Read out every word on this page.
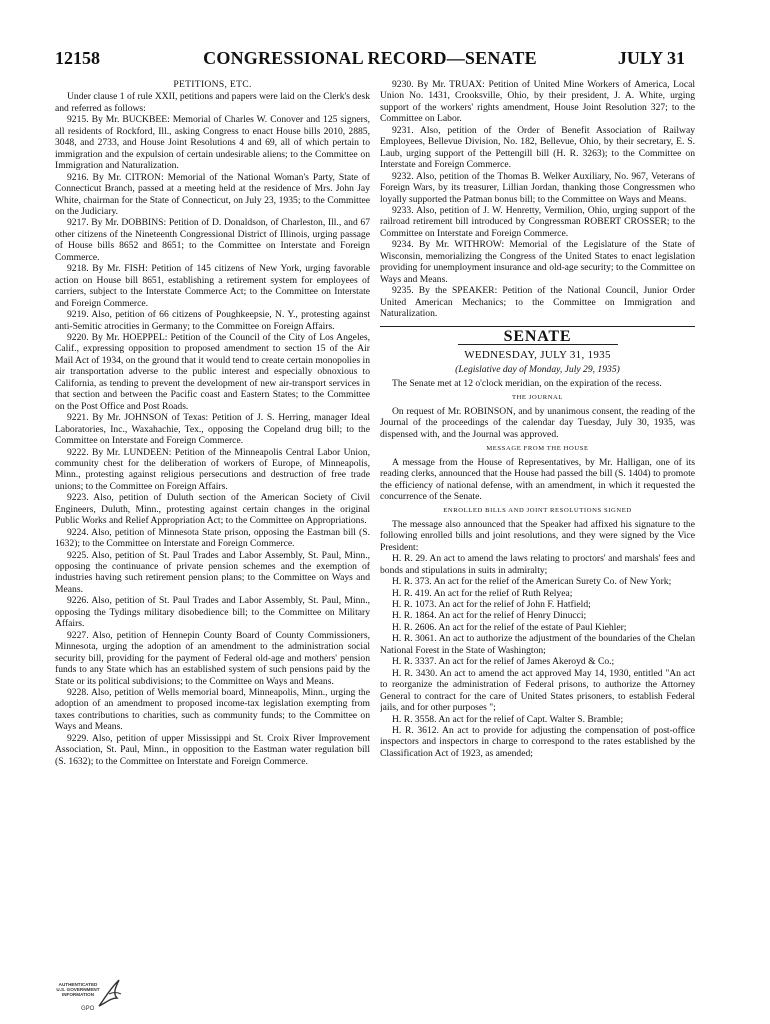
12158	CONGRESSIONAL RECORD—SENATE	JULY 31
PETITIONS, ETC.

Under clause 1 of rule XXII, petitions and papers were laid on the Clerk's desk and referred as follows:

9215. By Mr. BUCKBEE: Memorial of Charles W. Conover and 125 signers, all residents of Rockford, Ill., asking Congress to enact House bills 2010, 2885, 3048, and 2733, and House Joint Resolutions 4 and 69, all of which pertain to immigration and the expulsion of certain undesirable aliens; to the Committee on Immigration and Naturalization.

9216. By Mr. CITRON: Memorial of the National Woman's Party, State of Connecticut Branch, passed at a meeting held at the residence of Mrs. John Jay White, chairman for the State of Connecticut, on July 23, 1935; to the Committee on the Judiciary.

9217. By Mr. DOBBINS: Petition of D. Donaldson, of Charleston, Ill., and 67 other citizens of the Nineteenth Congressional District of Illinois, urging passage of House bills 8652 and 8651; to the Committee on Interstate and Foreign Commerce.

9218. By Mr. FISH: Petition of 145 citizens of New York, urging favorable action on House bill 8651, establishing a retirement system for employees of carriers, subject to the Interstate Commerce Act; to the Committee on Interstate and Foreign Commerce.

9219. Also, petition of 66 citizens of Poughkeepsie, N. Y., protesting against anti-Semitic atrocities in Germany; to the Committee on Foreign Affairs.

9220. By Mr. HOEPPEL: Petition of the Council of the City of Los Angeles, Calif., expressing opposition to proposed amendment to section 15 of the Air Mail Act of 1934, on the ground that it would tend to create certain monopolies in air transportation adverse to the public interest and especially obnoxious to California, as tending to prevent the development of new air-transport services in that section and between the Pacific coast and Eastern States; to the Committee on the Post Office and Post Roads.

9221. By Mr. JOHNSON of Texas: Petition of J. S. Herring, manager Ideal Laboratories, Inc., Waxahachie, Tex., opposing the Copeland drug bill; to the Committee on Interstate and Foreign Commerce.

9222. By Mr. LUNDEEN: Petition of the Minneapolis Central Labor Union, community chest for the deliberation of workers of Europe, of Minneapolis, Minn., protesting against religious persecutions and destruction of free trade unions; to the Committee on Foreign Affairs.

9223. Also, petition of Duluth section of the American Society of Civil Engineers, Duluth, Minn., protesting against certain changes in the original Public Works and Relief Appropriation Act; to the Committee on Appropriations.

9224. Also, petition of Minnesota State prison, opposing the Eastman bill (S. 1632); to the Committee on Interstate and Foreign Commerce.

9225. Also, petition of St. Paul Trades and Labor Assembly, St. Paul, Minn., opposing the continuance of private pension schemes and the exemption of industries having such retirement pension plans; to the Committee on Ways and Means.

9226. Also, petition of St. Paul Trades and Labor Assembly, St. Paul, Minn., opposing the Tydings military disobedience bill; to the Committee on Military Affairs.

9227. Also, petition of Hennepin County Board of County Commissioners, Minnesota, urging the adoption of an amendment to the administration social security bill, providing for the payment of Federal old-age and mothers' pension funds to any State which has an established system of such pensions paid by the State or its political subdivisions; to the Committee on Ways and Means.

9228. Also, petition of Wells memorial board, Minneapolis, Minn., urging the adoption of an amendment to proposed income-tax legislation exempting from taxes contributions to charities, such as community funds; to the Committee on Ways and Means.

9229. Also, petition of upper Mississippi and St. Croix River Improvement Association, St. Paul, Minn., in opposition to the Eastman water regulation bill (S. 1632); to the Committee on Interstate and Foreign Commerce.

9230. By Mr. TRUAX: Petition of United Mine Workers of America, Local Union No. 1431, Crooksville, Ohio, by their president, J. A. White, urging support of the workers' rights amendment, House Joint Resolution 327; to the Committee on Labor.

9231. Also, petition of the Order of Benefit Association of Railway Employees, Bellevue Division, No. 182, Bellevue, Ohio, by their secretary, E. S. Laub, urging support of the Pettengill bill (H. R. 3263); to the Committee on Interstate and Foreign Commerce.

9232. Also, petition of the Thomas B. Welker Auxiliary, No. 967, Veterans of Foreign Wars, by its treasurer, Lillian Jordan, thanking those Congressmen who loyally supported the Patman bonus bill; to the Committee on Ways and Means.

9233. Also, petition of J. W. Henretty, Vermilion, Ohio, urging support of the railroad retirement bill introduced by Congressman ROBERT CROSSER; to the Committee on Interstate and Foreign Commerce.

9234. By Mr. WITHROW: Memorial of the Legislature of the State of Wisconsin, memorializing the Congress of the United States to enact legislation providing for unemployment insurance and old-age security; to the Committee on Ways and Means.

9235. By the SPEAKER: Petition of the National Council, Junior Order United American Mechanics; to the Committee on Immigration and Naturalization.

SENATE
WEDNESDAY, JULY 31, 1935
(Legislative day of Monday, July 29, 1935)

The Senate met at 12 o'clock meridian, on the expiration of the recess.

THE JOURNAL

On request of Mr. ROBINSON, and by unanimous consent, the reading of the Journal of the proceedings of the calendar day Tuesday, July 30, 1935, was dispensed with, and the Journal was approved.

MESSAGE FROM THE HOUSE

A message from the House of Representatives, by Mr. Halligan, one of its reading clerks, announced that the House had passed the bill (S. 1404) to promote the efficiency of national defense, with an amendment, in which it requested the concurrence of the Senate.

ENROLLED BILLS AND JOINT RESOLUTIONS SIGNED

The message also announced that the Speaker had affixed his signature to the following enrolled bills and joint resolutions, and they were signed by the Vice President:

H. R. 29. An act to amend the laws relating to proctors' and marshals' fees and bonds and stipulations in suits in admiralty;

H. R. 373. An act for the relief of the American Surety Co. of New York;

H. R. 419. An act for the relief of Ruth Relyea;

H. R. 1073. An act for the relief of John F. Hatfield;

H. R. 1864. An act for the relief of Henry Dinucci;

H. R. 2606. An act for the relief of the estate of Paul Kiehler;

H. R. 3061. An act to authorize the adjustment of the boundaries of the Chelan National Forest in the State of Washington;

H. R. 3337. An act for the relief of James Akeroyd & Co.;

H. R. 3430. An act to amend the act approved May 14, 1930, entitled "An act to reorganize the administration of Federal prisons, to authorize the Attorney General to contract for the care of United States prisoners, to establish Federal jails, and for other purposes ";

H. R. 3558. An act for the relief of Capt. Walter S. Bramble;

H. R. 3612. An act to provide for adjusting the compensation of post-office inspectors and inspectors in charge to correspond to the rates established by the Classification Act of 1923, as amended;

AUTHENTICATED U.S. GOVERNMENT INFORMATION
GPO
